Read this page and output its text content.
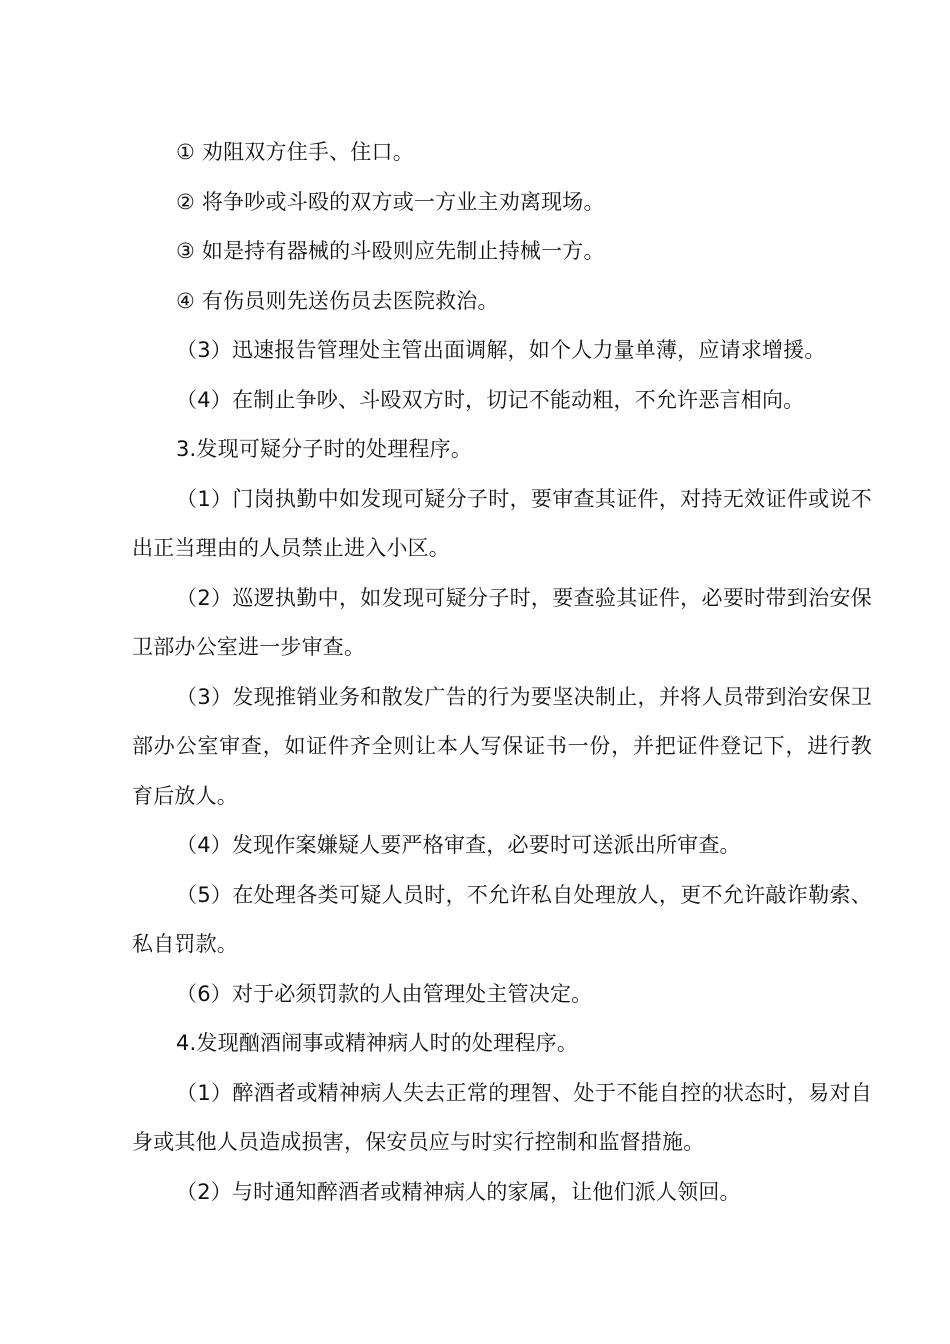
① 劝阻双方住手、住口。

② 将争吵或斗殴的双方或一方业主劝离现场。

③ 如是持有器械的斗殴则应先制止持械一方。

④ 有伤员则先送伤员去医院救治。

（3）迅速报告管理处主管出面调解，如个人力量单薄，应请求增援。

（4）在制止争吵、斗殴双方时，切记不能动粗，不允许恶言相向。

3.发现可疑分子时的处理程序。

（1）门岗执勤中如发现可疑分子时，要审查其证件，对持无效证件或说不出正当理由的人员禁止进入小区。

（2）巡逻执勤中，如发现可疑分子时，要查验其证件，必要时带到治安保卫部办公室进一步审查。

（3）发现推销业务和散发广告的行为要坚决制止，并将人员带到治安保卫部办公室审查，如证件齐全则让本人写保证书一份，并把证件登记下，进行教育后放人。

（4）发现作案嫌疑人要严格审查，必要时可送派出所审查。

（5）在处理各类可疑人员时，不允许私自处理放人，更不允许敲诈勒索、私自罚款。

（6）对于必须罚款的人由管理处主管决定。

4.发现酗酒闹事或精神病人时的处理程序。

（1）醉酒者或精神病人失去正常的理智、处于不能自控的状态时，易对自身或其他人员造成损害，保安员应与时实行控制和监督措施。

（2）与时通知醉酒者或精神病人的家属，让他们派人领回。
